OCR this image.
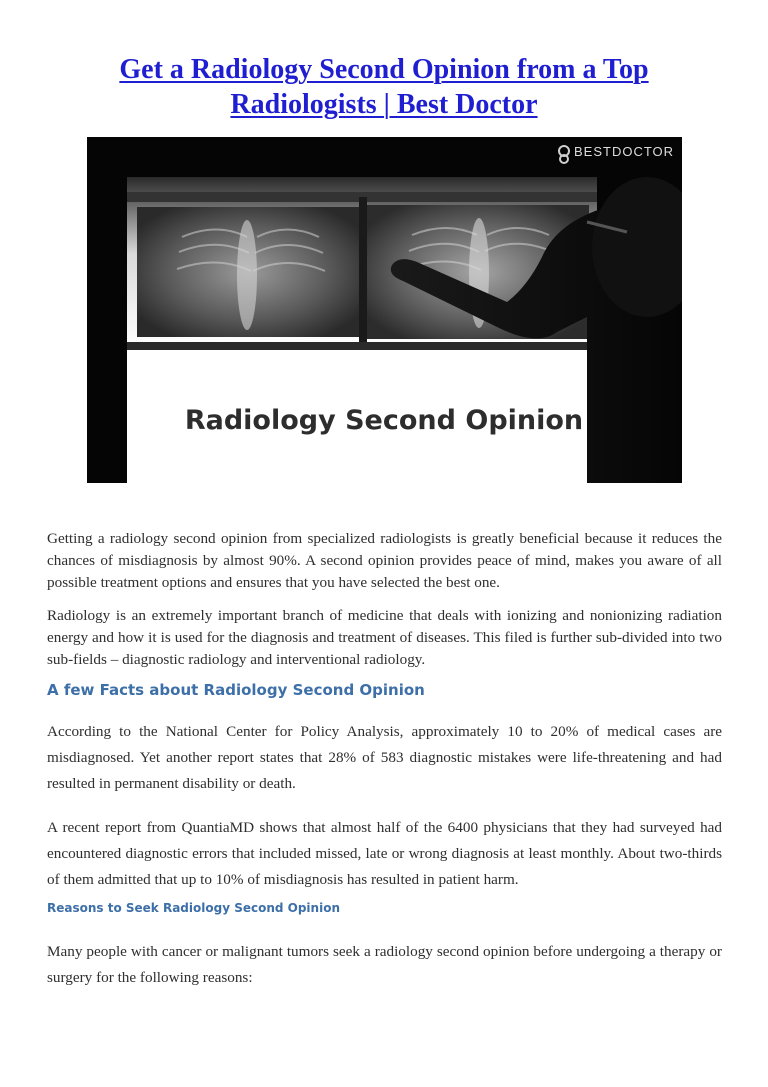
Get a Radiology Second Opinion from a Top Radiologists | Best Doctor
BESTDOCTOR
Radiology Second Opinion

Getting a radiology second opinion from specialized radiologists is greatly beneficial because it reduces the chances of misdiagnosis by almost 90%. A second opinion provides peace of mind, makes you aware of all possible treatment options and ensures that you have selected the best one.

Radiology is an extremely important branch of medicine that deals with ionizing and nonionizing radiation energy and how it is used for the diagnosis and treatment of diseases. This filed is further sub-divided into two sub-fields – diagnostic radiology and interventional radiology.

A few Facts about Radiology Second Opinion

According to the National Center for Policy Analysis, approximately 10 to 20% of medical cases are misdiagnosed. Yet another report states that 28% of 583 diagnostic mistakes were life-threatening and had resulted in permanent disability or death.

A recent report from QuantiaMD shows that almost half of the 6400 physicians that they had surveyed had encountered diagnostic errors that included missed, late or wrong diagnosis at least monthly. About two-thirds of them admitted that up to 10% of misdiagnosis has resulted in patient harm.

Reasons to Seek Radiology Second Opinion

Many people with cancer or malignant tumors seek a radiology second opinion before undergoing a therapy or surgery for the following reasons:
